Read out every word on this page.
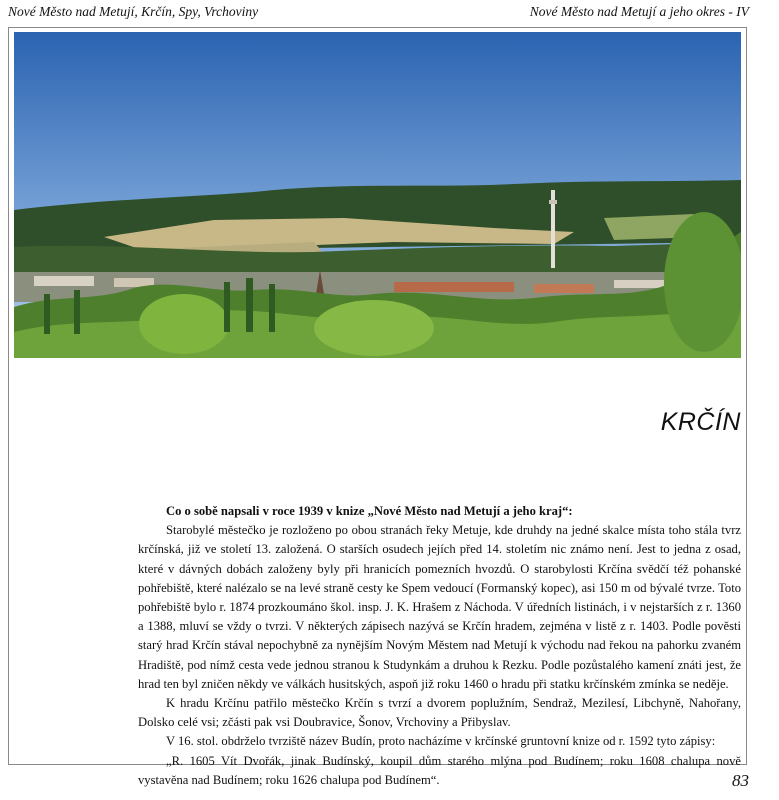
Nové Město nad Metují, Krčín, Spy, Vrchoviny	Nové Město nad Metují a jeho okres - IV
KRČÍN

Co o sobě napsali v roce 1939 v knize „Nové Město nad Metují a jeho kraj“:

Starobylé městečko je rozloženo po obou stranách řeky Metuje, kde druhdy na jedné skalce místa toho stála tvrz krčínská, již ve století 13. založená. O starších osudech jejích před 14. stoletím nic známo není. Jest to jedna z osad, které v dávných dobách založeny byly při hranicích pomezních hvozdů. O starobylosti Krčína svědčí též pohanské pohřebiště, které nalézalo se na levé straně cesty ke Spem vedoucí (Formanský kopec), asi 150 m od bývalé tvrze. Toto pohřebiště bylo r. 1874 prozkoumáno škol. insp. J. K. Hrašem z Náchoda. V úředních listinách, i v nejstarších z r. 1360 a 1388, mluví se vždy o tvrzi. V některých zápisech nazývá se Krčín hradem, zejména v listě z r. 1403. Podle pověsti starý hrad Krčín stával nepochybně za nynějším Novým Městem nad Metují k východu nad řekou na pahorku zvaném Hradiště, pod nímž cesta vede jednou stranou k Studynkám a druhou k Rezku. Podle pozůstalého kamení znáti jest, že hrad ten byl zničen někdy ve válkách husitských, aspoň již roku 1460 o hradu při statku krčínském zmínka se neděje.

K hradu Krčínu patřilo městečko Krčín s tvrzí a dvorem poplužním, Sendraž, Mezilesí, Libchyně, Nahořany, Dolsko celé vsi; zčásti pak vsi Doubravice, Šonov, Vrchoviny a Přibyslav.

V 16. stol. obdrželo tvrziště název Budín, proto nacházíme v krčínské gruntovní knize od r. 1592 tyto zápisy:

„R. 1605 Vít Dvořák, jinak Budínský, koupil dům starého mlýna pod Budínem; roku 1608 chalupa nově vystavěna nad Budínem; roku 1626 chalupa pod Budínem“.	83
